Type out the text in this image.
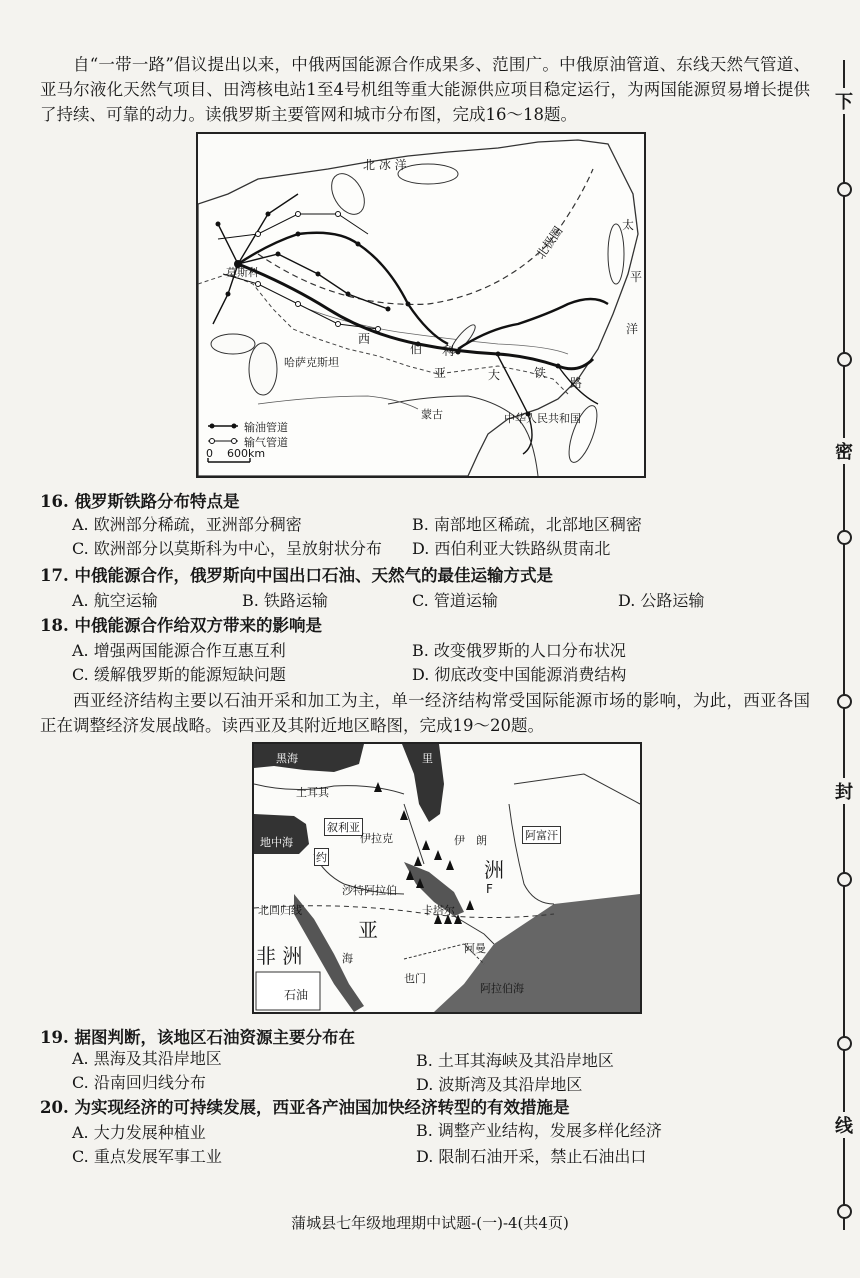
自“一带一路”倡议提出以来，中俄两国能源合作成果多、范围广。中俄原油管道、东线天然气管道、亚马尔液化天然气项目、田湾核电站1至4号机组等重大能源供应项目稳定运行，为两国能源贸易增长提供了持续、可靠的动力。读俄罗斯主要管网和城市分布图，完成16～18题。

北 冰 洋
太
平
洋
北极圈
莫斯科
西
伯 利
亚	大	铁
路
哈萨克斯坦
蒙古	中华人民共和国
输油管道
输气管道
0    600km
16. 俄罗斯铁路分布特点是
A. 欧洲部分稀疏，亚洲部分稠密	B. 南部地区稀疏，北部地区稠密
C. 欧洲部分以莫斯科为中心，呈放射状分布 D. 西伯利亚大铁路纵贯南北
17. 中俄能源合作，俄罗斯向中国出口石油、天然气的最佳运输方式是
A. 航空运输	B. 铁路运输	C. 管道运输	D. 公路运输
18. 中俄能源合作给双方带来的影响是
A. 增强两国能源合作互惠互利	B. 改变俄罗斯的人口分布状况
C. 缓解俄罗斯的能源短缺问题	D. 彻底改变中国能源消费结构

西亚经济结构主要以石油开采和加工为主，单一经济结构常受国际能源市场的影响，为此，西亚各国正在调整经济发展战略。读西亚及其附近地区略图，完成19～20题。

黑海	里
土耳其
叙利亚
地中海	伊拉克	伊　朗	阿富汗
约
洲
F
沙特阿拉伯
卡塔尔
北回归线
亚
非 洲	海
阿曼
也门
阿拉伯海
石油
19. 据图判断，该地区石油资源主要分布在
A. 黑海及其沿岸地区	B. 土耳其海峡及其沿岸地区
C. 沿南回归线分布	D. 波斯湾及其沿岸地区
20. 为实现经济的可持续发展，西亚各产油国加快经济转型的有效措施是
A. 大力发展种植业	B. 调整产业结构，发展多样化经济
C. 重点发展军事工业	D. 限制石油开采，禁止石油出口
蒲城县七年级地理期中试题-(一)-4(共4页)
下
密
封
线
